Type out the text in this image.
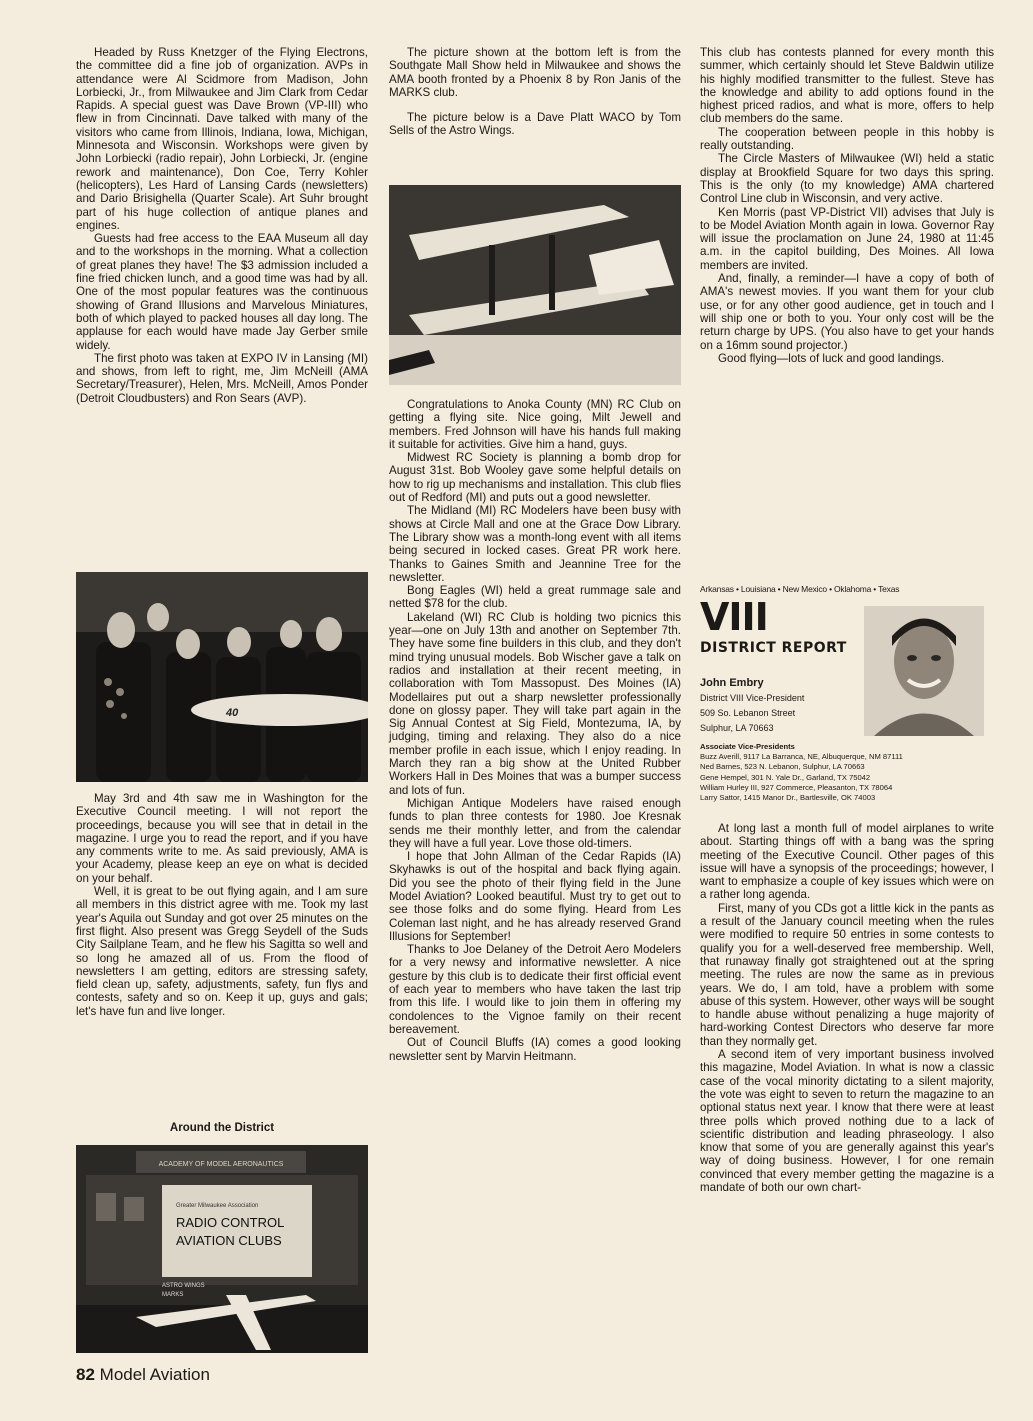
Headed by Russ Knetzger of the Flying Electrons, the committee did a fine job of organization. AVPs in attendance were Al Scidmore from Madison, John Lorbiecki, Jr., from Milwaukee and Jim Clark from Cedar Rapids. A special guest was Dave Brown (VP-III) who flew in from Cincinnati. Dave talked with many of the visitors who came from Illinois, Indiana, Iowa, Michigan, Minnesota and Wisconsin. Workshops were given by John Lorbiecki (radio repair), John Lorbiecki, Jr. (engine rework and maintenance), Don Coe, Terry Kohler (helicopters), Les Hard of Lansing Cards (newsletters) and Dario Brisighella (Quarter Scale). Art Suhr brought part of his huge collection of antique planes and engines.

Guests had free access to the EAA Museum all day and to the workshops in the morning. What a collection of great planes they have! The $3 admission included a fine fried chicken lunch, and a good time was had by all. One of the most popular features was the continuous showing of Grand Illusions and Marvelous Miniatures, both of which played to packed houses all day long. The applause for each would have made Jay Gerber smile widely.

The first photo was taken at EXPO IV in Lansing (MI) and shows, from left to right, me, Jim McNeill (AMA Secretary/Treasurer), Helen, Mrs. McNeill, Amos Ponder (Detroit Cloudbusters) and Ron Sears (AVP).

40

May 3rd and 4th saw me in Washington for the Executive Council meeting. I will not report the proceedings, because you will see that in detail in the magazine. I urge you to read the report, and if you have any comments write to me. As said previously, AMA is your Academy, please keep an eye on what is decided on your behalf.

Well, it is great to be out flying again, and I am sure all members in this district agree with me. Took my last year's Aquila out Sunday and got over 25 minutes on the first flight. Also present was Gregg Seydell of the Suds City Sailplane Team, and he flew his Sagitta so well and so long he amazed all of us. From the flood of newsletters I am getting, editors are stressing safety, field clean up, safety, adjustments, safety, fun flys and contests, safety and so on. Keep it up, guys and gals; let's have fun and live longer.

Around the District
ACADEMY OF MODEL AERONAUTICS
Greater Milwaukee Association
RADIO CONTROL
AVIATION CLUBS
ASTRO WINGS
MARKS

The picture shown at the bottom left is from the Southgate Mall Show held in Milwaukee and shows the AMA booth fronted by a Phoenix 8 by Ron Janis of the MARKS club.

The picture below is a Dave Platt WACO by Tom Sells of the Astro Wings.

Congratulations to Anoka County (MN) RC Club on getting a flying site. Nice going, Milt Jewell and members. Fred Johnson will have his hands full making it suitable for activities. Give him a hand, guys.

Midwest RC Society is planning a bomb drop for August 31st. Bob Wooley gave some helpful details on how to rig up mechanisms and installation. This club flies out of Redford (MI) and puts out a good newsletter.

The Midland (MI) RC Modelers have been busy with shows at Circle Mall and one at the Grace Dow Library. The Library show was a month-long event with all items being secured in locked cases. Great PR work here. Thanks to Gaines Smith and Jeannine Tree for the newsletter.

Bong Eagles (WI) held a great rummage sale and netted $78 for the club.

Lakeland (WI) RC Club is holding two picnics this year—one on July 13th and another on September 7th. They have some fine builders in this club, and they don't mind trying unusual models. Bob Wischer gave a talk on radios and installation at their recent meeting, in collaboration with Tom Massopust. Des Moines (IA) Modellaires put out a sharp newsletter professionally done on glossy paper. They will take part again in the Sig Annual Contest at Sig Field, Montezuma, IA, by judging, timing and relaxing. They also do a nice member profile in each issue, which I enjoy reading. In March they ran a big show at the United Rubber Workers Hall in Des Moines that was a bumper success and lots of fun.

Michigan Antique Modelers have raised enough funds to plan three contests for 1980. Joe Kresnak sends me their monthly letter, and from the calendar they will have a full year. Love those old-timers.

I hope that John Allman of the Cedar Rapids (IA) Skyhawks is out of the hospital and back flying again. Did you see the photo of their flying field in the June Model Aviation? Looked beautiful. Must try to get out to see those folks and do some flying. Heard from Les Coleman last night, and he has already reserved Grand Illusions for September!

Thanks to Joe Delaney of the Detroit Aero Modelers for a very newsy and informative newsletter. A nice gesture by this club is to dedicate their first official event of each year to members who have taken the last trip from this life. I would like to join them in offering my condolences to the Vignoe family on their recent bereavement.

Out of Council Bluffs (IA) comes a good looking newsletter sent by Marvin Heitmann.

This club has contests planned for every month this summer, which certainly should let Steve Baldwin utilize his highly modified transmitter to the fullest. Steve has the knowledge and ability to add options found in the highest priced radios, and what is more, offers to help club members do the same.

The cooperation between people in this hobby is really outstanding.

The Circle Masters of Milwaukee (WI) held a static display at Brookfield Square for two days this spring. This is the only (to my knowledge) AMA chartered Control Line club in Wisconsin, and very active.

Ken Morris (past VP-District VII) advises that July is to be Model Aviation Month again in Iowa. Governor Ray will issue the proclamation on June 24, 1980 at 11:45 a.m. in the capitol building, Des Moines. All Iowa members are invited.

And, finally, a reminder—I have a copy of both of AMA's newest movies. If you want them for your club use, or for any other good audience, get in touch and I will ship one or both to you. Your only cost will be the return charge by UPS. (You also have to get your hands on a 16mm sound projector.)

Good flying—lots of luck and good landings.

Arkansas • Louisiana • New Mexico • Oklahoma • Texas
VIII
DISTRICT REPORT
John Embry
District VIII Vice-President
509 So. Lebanon Street
Sulphur, LA 70663
Associate Vice-Presidents
Buzz Averill, 9117 La Barranca, NE, Albuquerque, NM 87111
Ned Barnes, 523 N. Lebanon, Sulphur, LA 70663
Gene Hempel, 301 N. Yale Dr., Garland, TX 75042
William Hurley III, 927 Commerce, Pleasanton, TX 78064
Larry Sattor, 1415 Manor Dr., Bartlesville, OK 74003

At long last a month full of model airplanes to write about. Starting things off with a bang was the spring meeting of the Executive Council. Other pages of this issue will have a synopsis of the proceedings; however, I want to emphasize a couple of key issues which were on a rather long agenda.

First, many of you CDs got a little kick in the pants as a result of the January council meeting when the rules were modified to require 50 entries in some contests to qualify you for a well-deserved free membership. Well, that runaway finally got straightened out at the spring meeting. The rules are now the same as in previous years. We do, I am told, have a problem with some abuse of this system. However, other ways will be sought to handle abuse without penalizing a huge majority of hard-working Contest Directors who deserve far more than they normally get.

A second item of very important business involved this magazine, Model Aviation. In what is now a classic case of the vocal minority dictating to a silent majority, the vote was eight to seven to return the magazine to an optional status next year. I know that there were at least three polls which proved nothing due to a lack of scientific distribution and leading phraseology. I also know that some of you are generally against this year's way of doing business. However, I for one remain convinced that every member getting the magazine is a mandate of both our own chart-

82 Model Aviation
